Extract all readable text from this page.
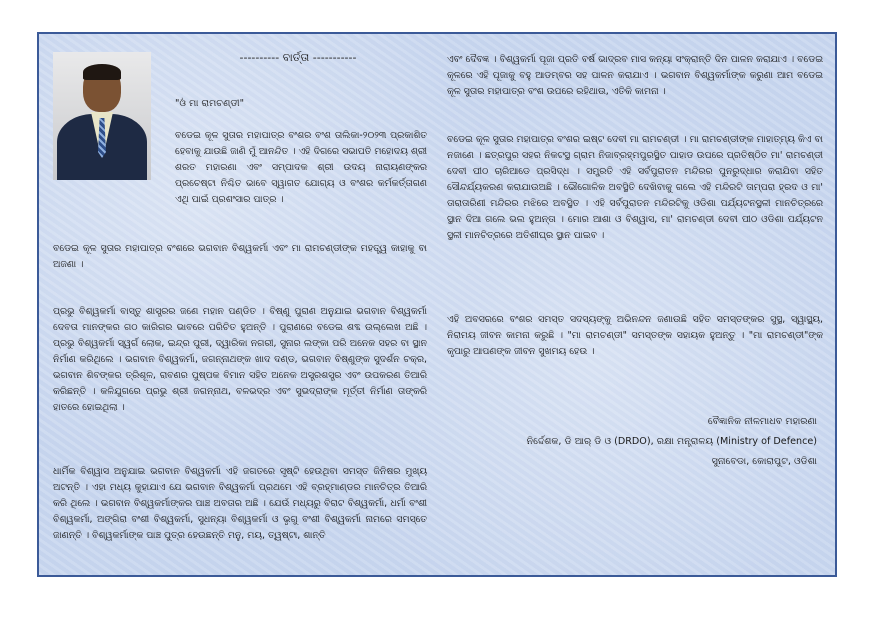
---------- ବାର୍ତ୍ତା -----------
"ଓଁ ମା ରାମଚଣ୍ଡୀ"

ବଡେଇ କୂଳ ସୁତାର ମହାପାତ୍ର ବଂଶର ବଂଶ ତାଲିକା-୨୦୨୩ ପ୍ରକାଶିତ ହେବାକୁ ଯାଉଛି ଜାଣି ମୁଁ ଆନନ୍ଦିତ । ଏହି ଦିଗରେ ସଭାପତି ମହୋଦୟ ଶ୍ରୀ ଶରତ ମହାରଣା ଏବଂ ସମ୍ପାଦକ ଶ୍ରୀ ଉଦୟ ନାରାୟଣଙ୍କର ପ୍ରଚେଷ୍ଟା ନିଶ୍ଚିତ ଭାବେ ସ୍ୱାଗତ ଯୋଗ୍ୟ ଓ ବଂଶର କର୍ମକର୍ତ୍ତାଗଣ ଏଥି ପାଇଁ ପ୍ରଶଂସାର ପାତ୍ର ।

ବଡେଇ କୂଳ ସୁତାର ମହାପାତ୍ର ବଂଶରେ ଭଗବାନ ବିଶ୍ୱକର୍ମା ଏବଂ ମା ରାମଚଣ୍ଡୀଙ୍କ ମହତ୍ତ୍ୱ କାହାକୁ ବା ଅଜଣା ।

ପ୍ରଭୁ ବିଶ୍ୱକର୍ମା ବାସ୍ତୁ ଶାସ୍ତ୍ରର ଜଣେ ମହାନ ପଣ୍ଡିତ । ବିଷ୍ଣୁ ପୁରାଣ ଅନୁଯାଇ ଭଗବାନ ବିଶ୍ୱକର୍ମା ଦେବତା ମାନଙ୍କର ଗଠ କାରିଗର ଭାବରେ ପରିଚିତ ହୁଅନ୍ତି । ପୁରାଣରେ ବଡେଇ ଶବ୍ଦ ଉଲ୍ଲେଖ ଅଛି । ପ୍ରଭୁ ବିଶ୍ୱକର୍ମା ସ୍ୱର୍ଗ ଲୋକ, ଇନ୍ଦ୍ର ପୁରୀ, ଦ୍ୱାରିକା ନଗରୀ, ସୁନାର ଲଙ୍କା ପରି ଅନେକ ସହର ବା ସ୍ଥାନ ନିର୍ମାଣ କରିଥିଲେ । ଭଗବାନ ବିଶ୍ୱକର୍ମା, ଜଗନ୍ନାଥଙ୍କ ଖାଦ ଦଣ୍ଡ, ଭଗବାନ ବିଷ୍ଣୁଙ୍କ ସୁଦର୍ଶନ ଚକ୍ର, ଭଗବାନ ଶିବଙ୍କର ତ୍ରିଶୂଳ, ରାବଣର ପୁଷ୍ପକ ବିମାନ ସହିତ ଅନେକ ଅସ୍ତ୍ରଶସ୍ତ୍ର ଏବଂ ଉପକରଣ ତିଆରି କରିଛନ୍ତି । କଳିଯୁଗରେ ପ୍ରଭୁ ଶ୍ରୀ ଜଗନ୍ନାଥ, ବଳଭଦ୍ର ଏବଂ ସୁଭଦ୍ରାଙ୍କ ମୂର୍ତ୍ତୀ ନିର୍ମାଣ ତାଙ୍କରି ହାତରେ ହୋଇଥିଲା ।

ଧାର୍ମିକ ବିଶ୍ୱାସ ଅନୁଯାଇ ଭଗବାନ ବିଶ୍ୱକର୍ମା ଏହି ଜଗତରେ ସୃଷ୍ଟି ହେଉଥିବା ସମସ୍ତ ଜିନିଷର ମୁଖ୍ୟ ଅଟନ୍ତି । ଏହା ମଧ୍ୟ କୁହାଯାଏ ଯେ ଭଗବାନ ବିଶ୍ୱକର୍ମା ପ୍ରଥମେ ଏହି ବ୍ରହ୍ମାଣ୍ଡର ମାନଚିତ୍ର ତିଆରି କରି ଥିଲେ । ଭଗବାନ ବିଶ୍ୱକର୍ମାଙ୍କର ପାଞ୍ଚ ଅବତାର ଅଛି । ଯେଉଁ ମଧ୍ୟରୁ ବିରାଟ ବିଶ୍ୱକର୍ମା, ଧର୍ମା ବଂଶୀ ବିଶ୍ୱକର୍ମା, ଅଙ୍ଗିରା ବଂଶୀ ବିଶ୍ୱକର୍ମା, ସୁଧନ୍ୟା ବିଶ୍ୱକର୍ମା ଓ ଭୃଗୁ ବଂଶୀ ବିଶ୍ୱକର୍ମା ନାମରେ ସମସ୍ତେ ଜାଣନ୍ତି । ବିଶ୍ୱକର୍ମାଙ୍କ ପାଞ୍ଚ ପୁତ୍ର ହେଉଛନ୍ତି ମନୁ, ମୟ, ତ୍ୱଷ୍ଟା, ଶାନ୍ତି

ଏବଂ ଦୈବଜ୍ଞ । ବିଶ୍ୱକର୍ମା ପୂଜା ପ୍ରତି ବର୍ଷ ଭାଦ୍ରବ ମାସ କନ୍ୟା ସଂକ୍ରାନ୍ତି ଦିନ ପାଳନ କରାଯାଏ । ବଡେଇ କୂଳରେ ଏହି ପୂଜାକୁ ବହୁ ଆଡମ୍ବର ସହ ପାଳନ କରାଯାଏ । ଭଗବାନ ବିଶ୍ୱକର୍ମାଙ୍କ କରୁଣା ଆମ ବଡେଇ କୂଳ ସୁତାର ମହାପାତ୍ର ବଂଶ ଉପରେ ରହିଥାଉ, ଏତିକି କାମନା ।

ବଡେଇ କୂଳ ସୁତାର ମହାପାତ୍ର ବଂଶର ଇଷ୍ଟ ଦେବୀ ମା ରାମଚଣ୍ଡୀ । ମା ରାମଚଣ୍ଡୀଙ୍କ ମାହାତ୍ମ୍ୟ କିଏ ବା ନଜାଣେ । ଛତ୍ରପୁର ସହର ନିକଟସ୍ଥ ଗ୍ରାମ ନିଜାବ୍ରହ୍ମପୁରସ୍ଥିତ ପାହାଡ ଉପରେ ପ୍ରତିଷ୍ଠିତ ମା' ରାମଚଣ୍ଡୀ ଦେବୀ ପୀଠ ଚାରିଆଡେ ପ୍ରସିଦ୍ଧ । ସମ୍ପ୍ରତି ଏହି ସର୍ବପୁରାତନ ମନ୍ଦିରର ପୁନରୁଦ୍ଧାର କରାଯିବା ସହିତ ସୌନ୍ଦର୍ଯ୍ୟକରଣ କରାଯାଉଅଛି । ଭୌଗୋଳିକ ଅବସ୍ଥିତି ଦେଖିବାକୁ ଗଲେ ଏହି ମନ୍ଦିରଟି ତାମ୍ପରା ହ୍ରଦ ଓ ମା' ତାରାତାରିଣୀ ମନ୍ଦିରର ମଝିରେ ଅବସ୍ଥିତ । ଏହି ସର୍ବପୁରାତନ ମନ୍ଦିରଟିକୁ ଓଡିଶା ପର୍ଯ୍ୟଟନସ୍ଥଳୀ ମାନଚିତ୍ରରେ ସ୍ଥାନ ଦିଆ ଗଲେ ଭଲ ହୁଅନ୍ତା । ମୋର ଆଶା ଓ ବିଶ୍ୱାସ, ମା' ରାମଚଣ୍ଡୀ ଦେବୀ ପୀଠ ଓଡିଶା ପର୍ଯ୍ୟଟନ ସ୍ଥଳୀ ମାନଚିତ୍ରରେ ଅତିଶୀଘ୍ର ସ୍ଥାନ ପାଇବ ।

ଏହି ଅବସରରେ ବଂଶର ସମସ୍ତ ସଦସ୍ୟଙ୍କୁ ଅଭିନନ୍ଦନ ଜଣାଉଛି ସହିତ ସମସ୍ତଙ୍କର ସୁସ୍ଥ, ସ୍ୱାସ୍ଥ୍ୟ, ନିରାମୟ ଜୀବନ କାମନା କରୁଛି । "ମା ରାମଚଣ୍ଡୀ" ସମସ୍ତଙ୍କ ସହାୟକ ହୁଅନ୍ତୁ । "ମା ରାମଚଣ୍ଡୀ"ଙ୍କ କୃପାରୁ ଆପଣଙ୍କ ଜୀବନ ସୁଖମୟ ହେଉ ।

ବୈଜ୍ଞାନିକ ନୀଳମାଧବ ମହାରଣା
ନିର୍ଦ୍ଦେଶକ, ଡି ଆର୍ ଡି ଓ (DRDO), ରକ୍ଷା ମନ୍ତ୍ରାଳୟ (Ministry of Defence)
ସୁନାବେଡା, କୋରାପୁଟ, ଓଡିଶା
